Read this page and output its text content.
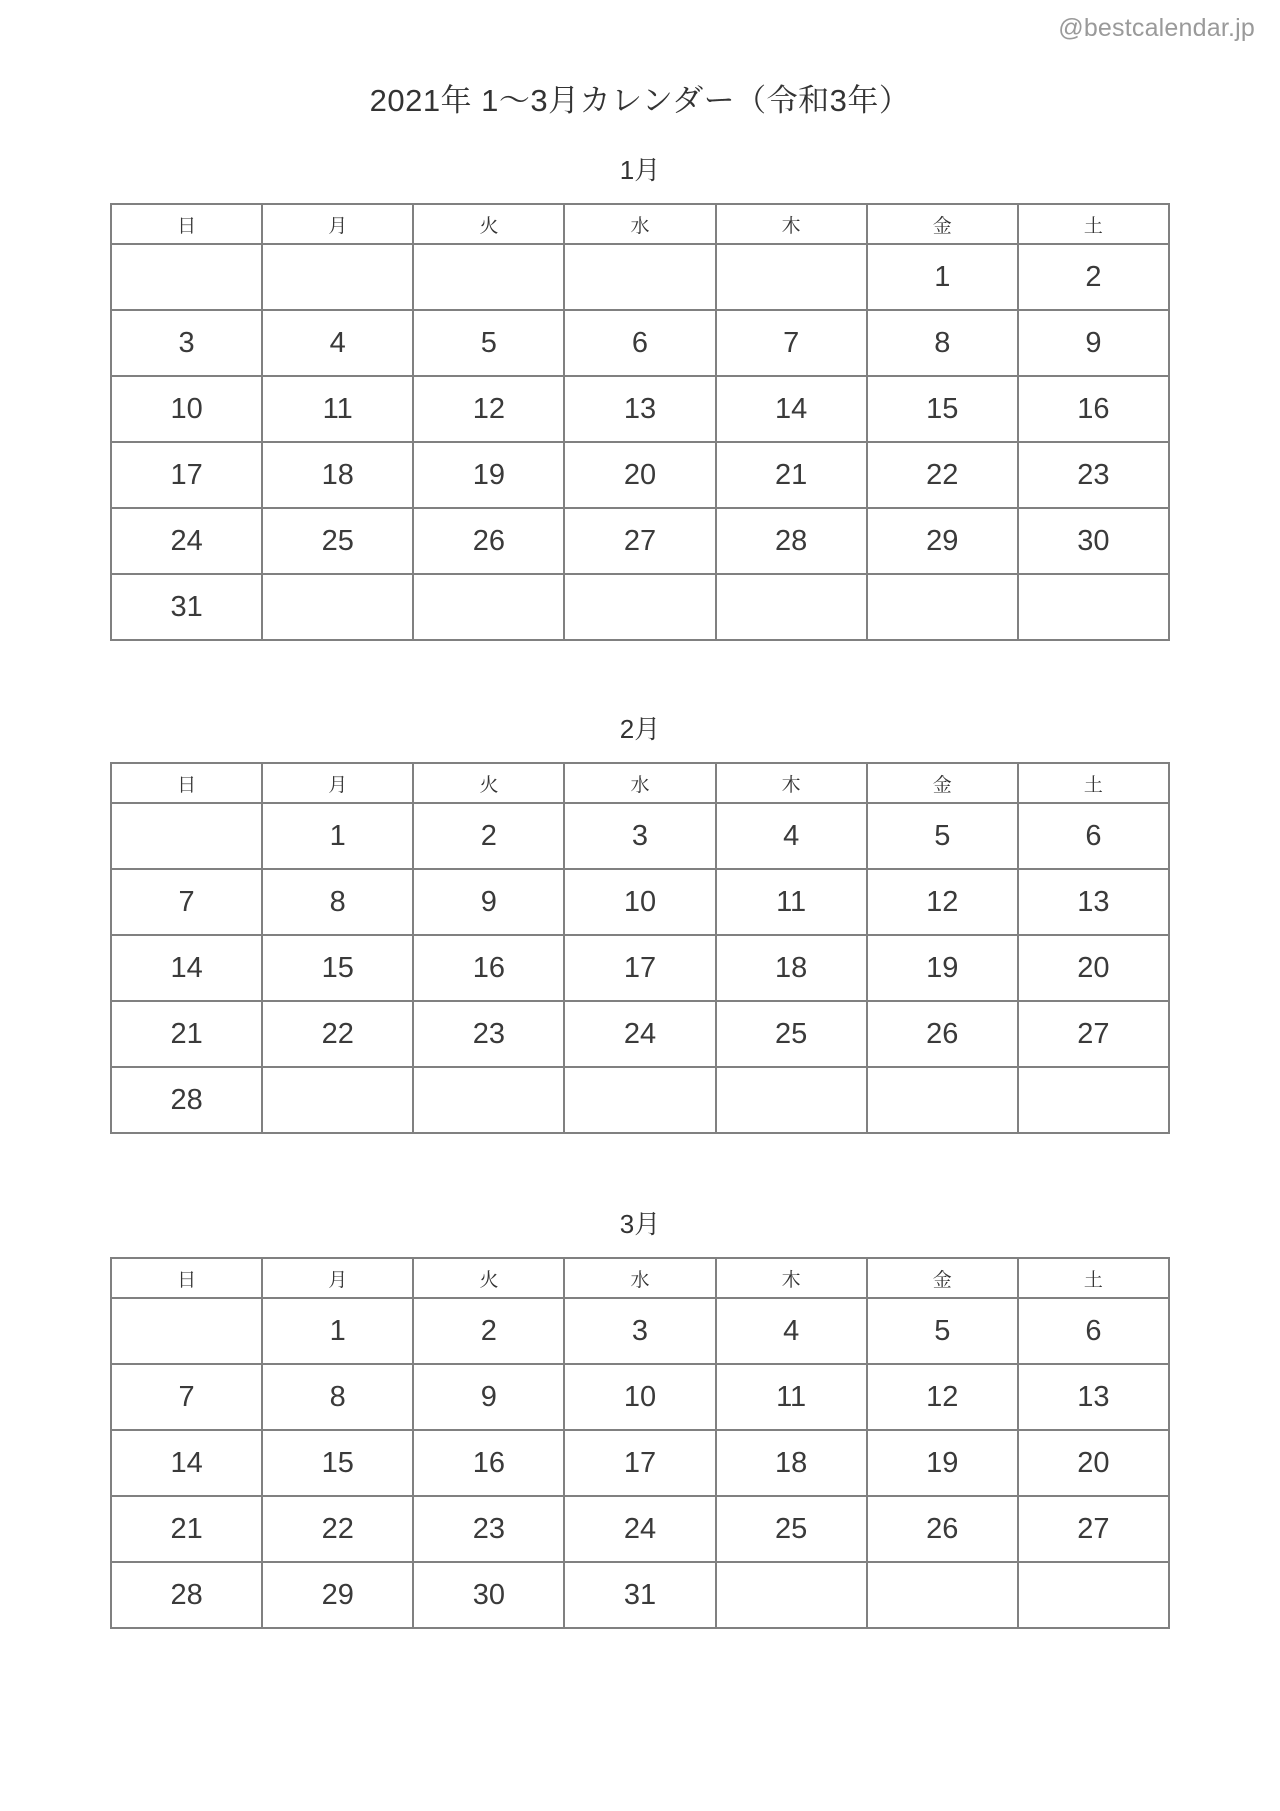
@bestcalendar.jp
2021年 1〜3月カレンダー（令和3年）
1月
日	月	火	水	木	金	土
					1	2
3	4	5	6	7	8	9
10	11	12	13	14	15	16
17	18	19	20	21	22	23
24	25	26	27	28	29	30
31						
2月
日	月	火	水	木	金	土
	1	2	3	4	5	6
7	8	9	10	11	12	13
14	15	16	17	18	19	20
21	22	23	24	25	26	27
28						
3月
日	月	火	水	木	金	土
	1	2	3	4	5	6
7	8	9	10	11	12	13
14	15	16	17	18	19	20
21	22	23	24	25	26	27
28	29	30	31			
